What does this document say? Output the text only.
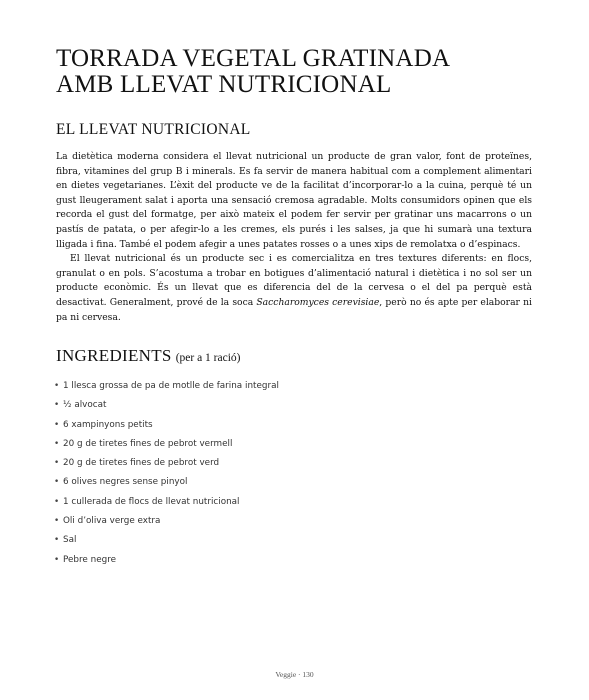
TORRADA VEGETAL GRATINADA
AMB LLEVAT NUTRICIONAL
EL LLEVAT NUTRICIONAL

La dietètica moderna considera el llevat nutricional un producte de gran valor, font de proteïnes, fibra, vitamines del grup B i minerals. Es fa servir de manera habitual com a complement alimentari en dietes vegetarianes. L’èxit del producte ve de la facilitat d’incorporar-lo a la cuina, perquè té un gust lleugerament salat i aporta una sensació cremosa agradable. Molts consumidors opinen que els recorda el gust del formatge, per això mateix el podem fer servir per gratinar uns macarrons o un pastís de patata, o per afegir-lo a les cremes, els purés i les salses, ja que hi sumarà una textura lligada i fina. També el podem afegir a unes patates rosses o a unes xips de remolatxa o d’espinacs.

El llevat nutricional és un producte sec i es comercialitza en tres textures diferents: en flocs, granulat o en pols. S’acostuma a trobar en botigues d’alimentació natural i dietètica i no sol ser un producte econòmic. És un llevat que es diferencia del de la cervesa o el del pa perquè està desactivat. Generalment, prové de la soca Saccharomyces cerevisiae, però no és apte per elaborar ni pa ni cervesa.

INGREDIENTS (per a 1 ració)
• 1 llesca grossa de pa de motlle de farina integral
• ½ alvocat
• 6 xampinyons petits
• 20 g de tiretes fines de pebrot vermell
• 20 g de tiretes fines de pebrot verd
• 6 olives negres sense pinyol
• 1 cullerada de flocs de llevat nutricional
• Oli d’oliva verge extra
• Sal
• Pebre negre
Veggie · 130
